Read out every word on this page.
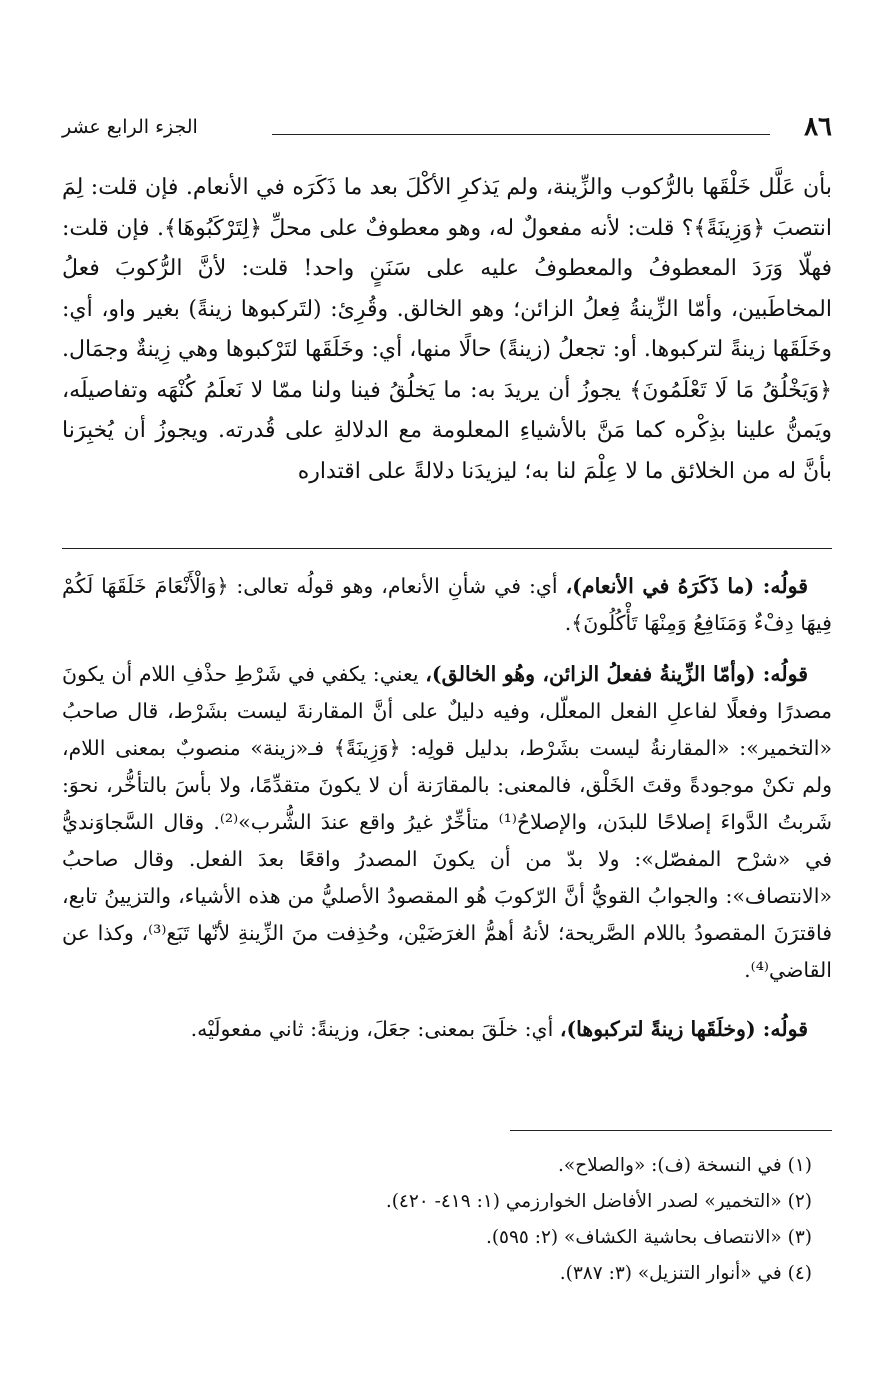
٨٦
الجزء الرابع عشر
بأن عَلَّل خَلْقَها بالرُّكوب والزِّينة، ولم يَذكرِ الأكْلَ بعد ما ذَكَرَه في الأنعام. فإن قلت: لِمَ انتصبَ ﴿وَزِينَةً﴾؟ قلت: لأنه مفعولٌ له، وهو معطوفٌ على محلِّ ﴿لِتَرْكَبُوهَا﴾. فإن قلت: فهلّا وَرَدَ المعطوفُ والمعطوفُ عليه على سَنَنٍ واحد! قلت: لأنَّ الرُّكوبَ فعلُ المخاطَبين، وأمّا الزِّينةُ فِعلُ الزائن؛ وهو الخالق. وقُرِئ: (لتَركبوها زينةً) بغير واو، أي: وخَلَقَها زينةً لتركبوها. أو: تجعلُ (زينةً) حالًا منها، أي: وخَلَقَها لتَرْكبوها وهي زِينةٌ وجمَال. ﴿وَيَخْلُقُ مَا لَا تَعْلَمُونَ﴾ يجوزُ أن يريدَ به: ما يَخلُقُ فينا ولنا ممّا لا نَعلَمُ كُنْهَه وتفاصيلَه، ويَمنُّ علينا بذِكْره كما مَنَّ بالأشياءِ المعلومة مع الدلالةِ على قُدرته. ويجوزُ أن يُخبِرَنا بأنَّ له من الخلائق ما لا عِلْمَ لنا به؛ ليزيدَنا دلالةً على اقتداره

قولُه: (ما ذَكَرَهُ في الأنعام)، أي: في شأنِ الأنعام، وهو قولُه تعالى: ﴿وَالْأَنْعَامَ خَلَقَهَا لَكُمْ فِيهَا دِفْءٌ وَمَنَافِعُ وَمِنْهَا تَأْكُلُونَ﴾.

قولُه: (وأمّا الزِّينةُ ففعلُ الزائن، وهُو الخالق)، يعني: يكفي في شَرْطِ حذْفِ اللام أن يكونَ مصدرًا وفعلًا لفاعلِ الفعل المعلّل، وفيه دليلٌ على أنَّ المقارنةَ ليست بشَرْط، قال صاحبُ «التخمير»: «المقارنةُ ليست بشَرْط، بدليل قولِه: ﴿وَزِينَةً﴾ فـ«زينة» منصوبٌ بمعنى اللام، ولم تكنْ موجودةً وقتَ الخَلْق، فالمعنى: بالمقارَنة أن لا يكونَ متقدِّمًا، ولا بأسَ بالتأخُّر، نحوَ: شَربتُ الدَّواءَ إصلاحًا للبدَن، والإصلاحُ⁽¹⁾ متأخِّرٌ غيرُ واقع عندَ الشُّرب»⁽²⁾. وقال السَّجاوَنديُّ في «شرْح المفصّل»: ولا بدّ من أن يكونَ المصدرُ واقعًا بعدَ الفعل. وقال صاحبُ «الانتصاف»: والجوابُ القويُّ أنَّ الرّكوبَ هُو المقصودُ الأصليُّ من هذه الأشياء، والتزيينُ تابع، فاقترَنَ المقصودُ باللام الصَّريحة؛ لأنهُ أهمُّ الغرَضَيْن، وحُذِفت منَ الزِّينةِ لأنّها تَبَع⁽³⁾، وكذا عن القاضي⁽⁴⁾.

قولُه: (وخلَقَها زينةً لتركبوها)، أي: خلَقَ بمعنى: جعَلَ، وزينةً: ثاني مفعولَيْه.

(١) في النسخة (ف): «والصلاح».
(٢) «التخمير» لصدر الأفاضل الخوارزمي (١: ٤١٩- ٤٢٠).
(٣) «الانتصاف بحاشية الكشاف» (٢: ٥٩٥).
(٤) في «أنوار التنزيل» (٣: ٣٨٧).
